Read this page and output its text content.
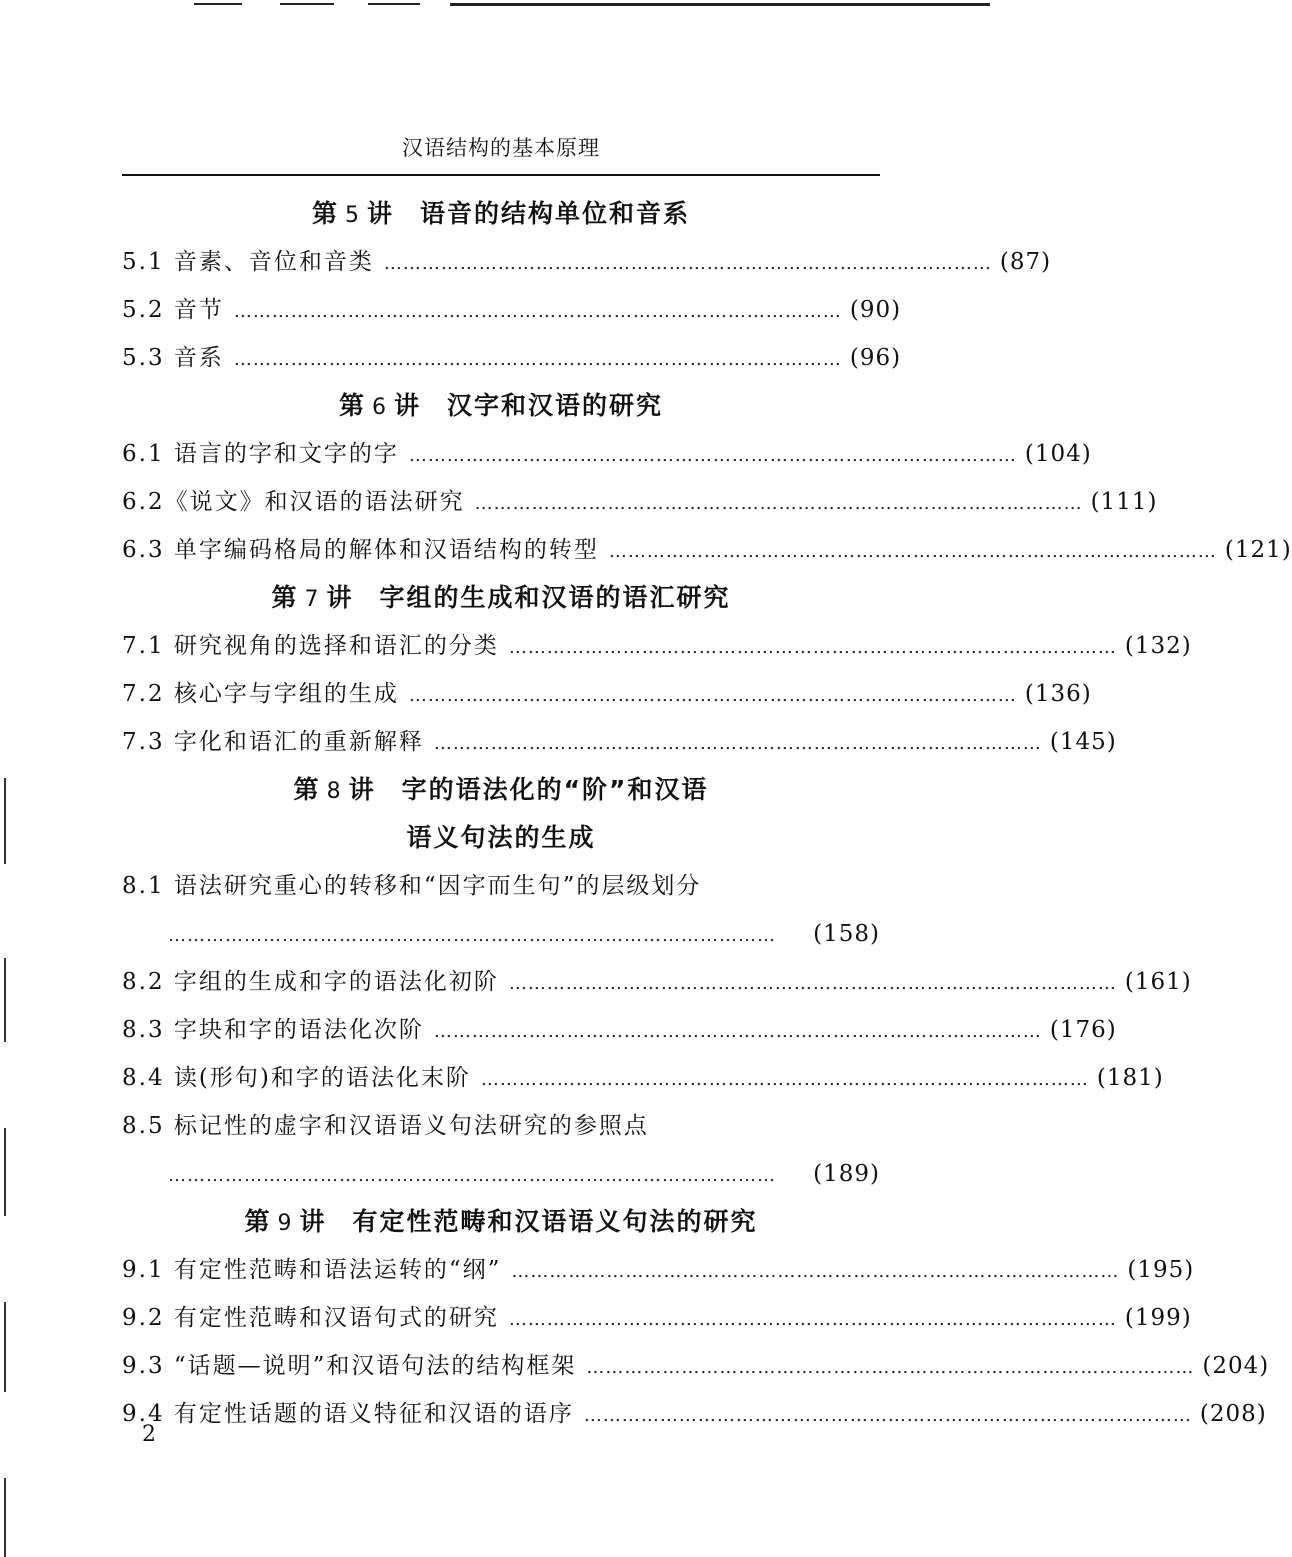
汉语结构的基本原理
第 5 讲 语音的结构单位和音系
5.1 音素、音位和音类 …………………………………………………………………………………… (87)
5.2 音节 …………………………………………………………………………………… (90)
5.3 音系 …………………………………………………………………………………… (96)
第 6 讲 汉字和汉语的研究
6.1 语言的字和文字的字 …………………………………………………………………………………… (104)
6.2《说文》和汉语的语法研究 …………………………………………………………………………………… (111)
6.3 单字编码格局的解体和汉语结构的转型 …………………………………………………………………………………… (121)
第 7 讲 字组的生成和汉语的语汇研究
7.1 研究视角的选择和语汇的分类 …………………………………………………………………………………… (132)
7.2 核心字与字组的生成 …………………………………………………………………………………… (136)
7.3 字化和语汇的重新解释 …………………………………………………………………………………… (145)
第 8 讲 字的语法化的“阶”和汉语
语义句法的生成
8.1 语法研究重心的转移和“因字而生句”的层级划分
……………………………………………………………………………………	(158)
8.2 字组的生成和字的语法化初阶 …………………………………………………………………………………… (161)
8.3 字块和字的语法化次阶 …………………………………………………………………………………… (176)
8.4 读(形句)和字的语法化末阶 …………………………………………………………………………………… (181)
8.5 标记性的虚字和汉语语义句法研究的参照点
……………………………………………………………………………………	(189)
第 9 讲 有定性范畴和汉语语义句法的研究
9.1 有定性范畴和语法运转的“纲” …………………………………………………………………………………… (195)
9.2 有定性范畴和汉语句式的研究 …………………………………………………………………………………… (199)
9.3 “话题—说明”和汉语句法的结构框架 …………………………………………………………………………………… (204)
9.4 有定性话题的语义特征和汉语的语序 …………………………………………………………………………………… (208)
2
